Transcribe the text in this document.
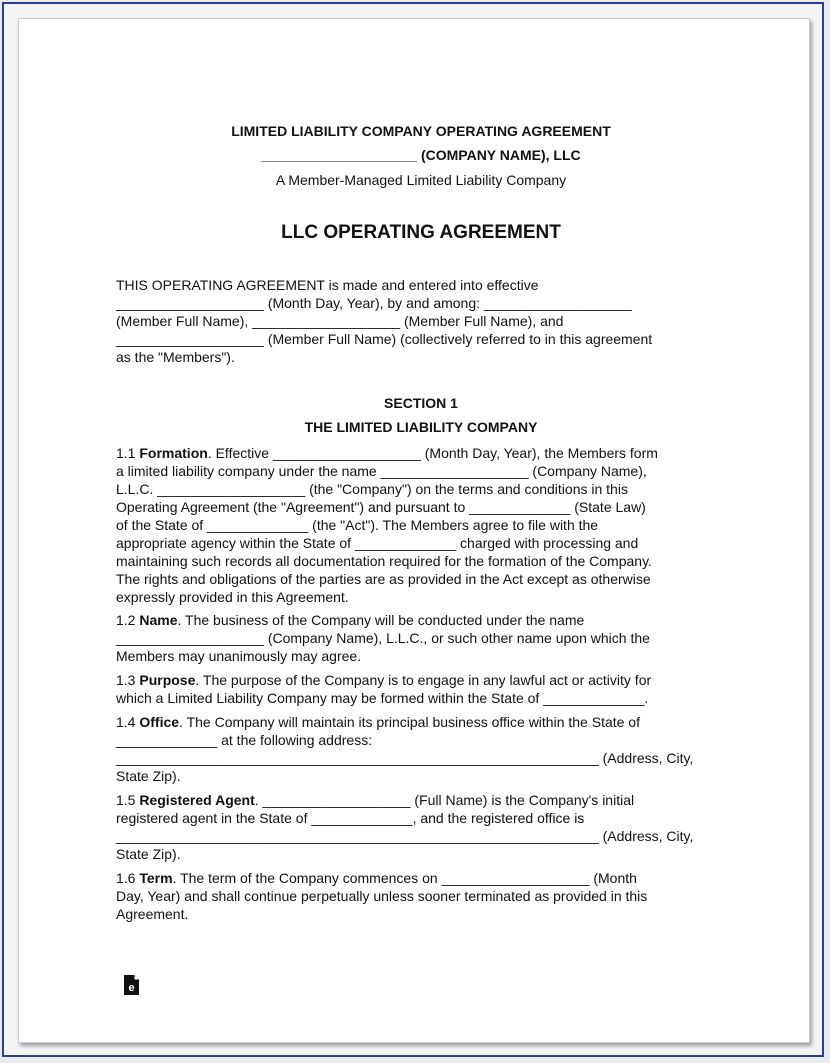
LIMITED LIABILITY COMPANY OPERATING AGREEMENT
____________________ (COMPANY NAME), LLC
A Member-Managed Limited Liability Company
LLC OPERATING AGREEMENT
THIS OPERATING AGREEMENT is made and entered into effective
___________________ (Month Day, Year), by and among: ___________________
(Member Full Name), ___________________ (Member Full Name), and
___________________ (Member Full Name) (collectively referred to in this agreement
as the "Members").
SECTION 1
THE LIMITED LIABILITY COMPANY
1.1 Formation. Effective ___________________ (Month Day, Year), the Members form
a limited liability company under the name ___________________ (Company Name),
L.L.C. ___________________ (the "Company") on the terms and conditions in this
Operating Agreement (the "Agreement") and pursuant to _____________ (State Law)
of the State of _____________ (the "Act"). The Members agree to file with the
appropriate agency within the State of _____________ charged with processing and
maintaining such records all documentation required for the formation of the Company.
The rights and obligations of the parties are as provided in the Act except as otherwise
expressly provided in this Agreement.
1.2 Name. The business of the Company will be conducted under the name
___________________ (Company Name), L.L.C., or such other name upon which the
Members may unanimously may agree.
1.3 Purpose. The purpose of the Company is to engage in any lawful act or activity for
which a Limited Liability Company may be formed within the State of _____________.
1.4 Office. The Company will maintain its principal business office within the State of
_____________ at the following address:
______________________________________________________________ (Address, City,
State Zip).
1.5 Registered Agent. ___________________ (Full Name) is the Company's initial
registered agent in the State of _____________, and the registered office is
______________________________________________________________ (Address, City,
State Zip).
1.6 Term. The term of the Company commences on ___________________ (Month
Day, Year) and shall continue perpetually unless sooner terminated as provided in this
Agreement.
e
